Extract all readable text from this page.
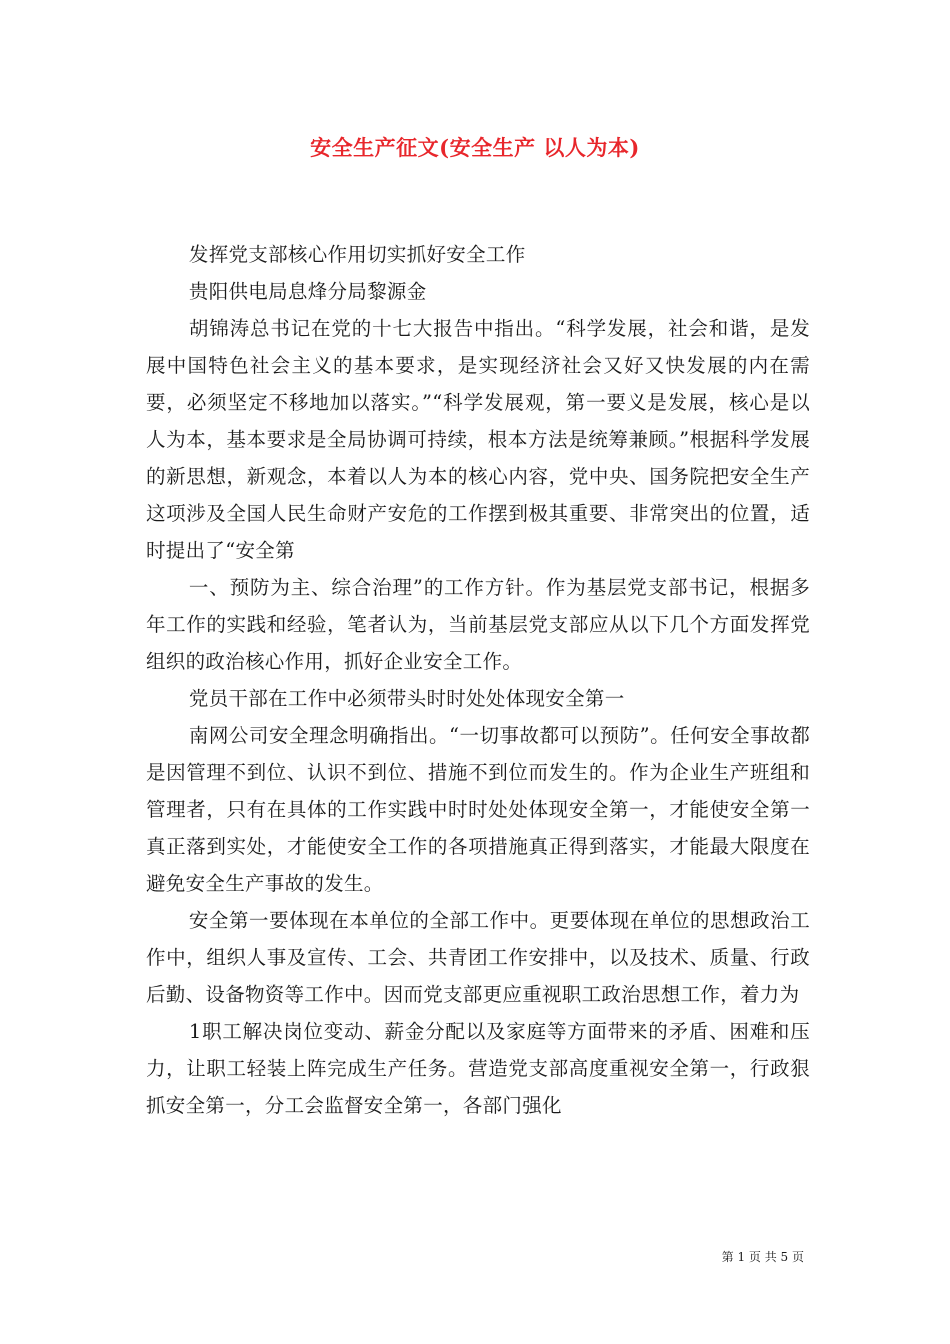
安全生产征文(安全生产 以人为本)

发挥党支部核心作用切实抓好安全工作

贵阳供电局息烽分局黎源金

胡锦涛总书记在党的十七大报告中指出。“科学发展，社会和谐，是发展中国特色社会主义的基本要求，是实现经济社会又好又快发展的内在需要，必须坚定不移地加以落实。”“科学发展观，第一要义是发展，核心是以人为本，基本要求是全局协调可持续，根本方法是统筹兼顾。”根据科学发展的新思想，新观念，本着以人为本的核心内容，党中央、国务院把安全生产这项涉及全国人民生命财产安危的工作摆到极其重要、非常突出的位置，适时提出了“安全第

一、预防为主、综合治理”的工作方针。作为基层党支部书记，根据多年工作的实践和经验，笔者认为，当前基层党支部应从以下几个方面发挥党组织的政治核心作用，抓好企业安全工作。

党员干部在工作中必须带头时时处处体现安全第一

南网公司安全理念明确指出。“一切事故都可以预防”。任何安全事故都是因管理不到位、认识不到位、措施不到位而发生的。作为企业生产班组和管理者，只有在具体的工作实践中时时处处体现安全第一，才能使安全第一真正落到实处，才能使安全工作的各项措施真正得到落实，才能最大限度在避免安全生产事故的发生。

安全第一要体现在本单位的全部工作中。更要体现在单位的思想政治工作中，组织人事及宣传、工会、共青团工作安排中，以及技术、质量、行政后勤、设备物资等工作中。因而党支部更应重视职工政治思想工作，着力为

1职工解决岗位变动、薪金分配以及家庭等方面带来的矛盾、困难和压力，让职工轻装上阵完成生产任务。营造党支部高度重视安全第一，行政狠抓安全第一，分工会监督安全第一，各部门强化

第 1 页 共 5 页
